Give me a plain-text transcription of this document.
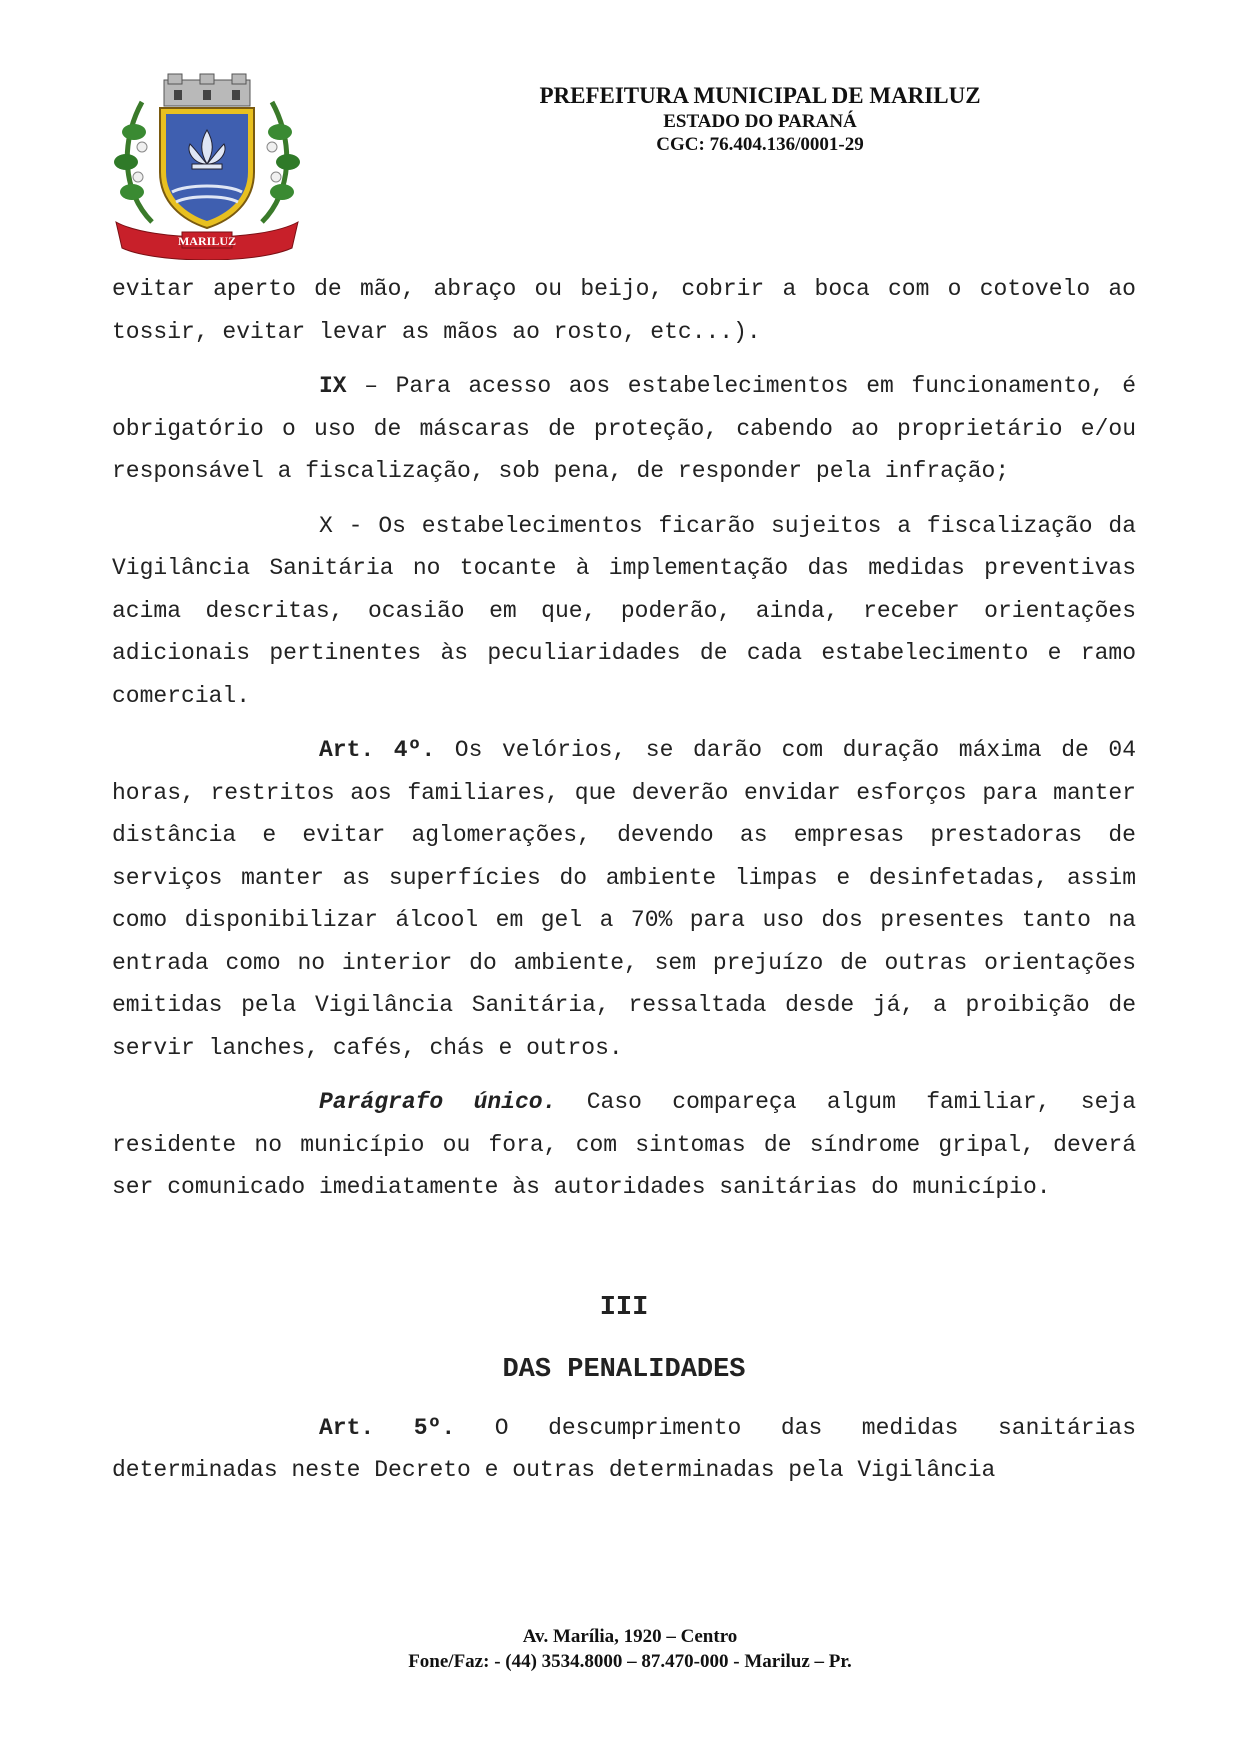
MARILUZ
PREFEITURA MUNICIPAL DE MARILUZ
ESTADO DO PARANÁ
CGC: 76.404.136/0001-29

evitar aperto de mão, abraço ou beijo, cobrir a boca com o cotovelo ao tossir, evitar levar as mãos ao rosto, etc...).

IX – Para acesso aos estabelecimentos em funcionamento, é obrigatório o uso de máscaras de proteção, cabendo ao proprietário e/ou responsável a fiscalização, sob pena, de responder pela infração;

X - Os estabelecimentos ficarão sujeitos a fiscalização da Vigilância Sanitária no tocante à implementação das medidas preventivas acima descritas, ocasião em que, poderão, ainda, receber orientações adicionais pertinentes às peculiaridades de cada estabelecimento e ramo comercial.

Art. 4º. Os velórios, se darão com duração máxima de 04 horas, restritos aos familiares, que deverão envidar esforços para manter distância e evitar aglomerações, devendo as empresas prestadoras de serviços manter as superfícies do ambiente limpas e desinfetadas, assim como disponibilizar álcool em gel a 70% para uso dos presentes tanto na entrada como no interior do ambiente, sem prejuízo de outras orientações emitidas pela Vigilância Sanitária, ressaltada desde já, a proibição de servir lanches, cafés, chás e outros.

Parágrafo único. Caso compareça algum familiar, seja residente no município ou fora, com sintomas de síndrome gripal, deverá ser comunicado imediatamente às autoridades sanitárias do município.

III
DAS PENALIDADES

Art. 5º. O descumprimento das medidas sanitárias determinadas neste Decreto e outras determinadas pela Vigilância

Av. Marília, 1920 – Centro
Fone/Faz: - (44) 3534.8000 – 87.470-000 - Mariluz – Pr.
